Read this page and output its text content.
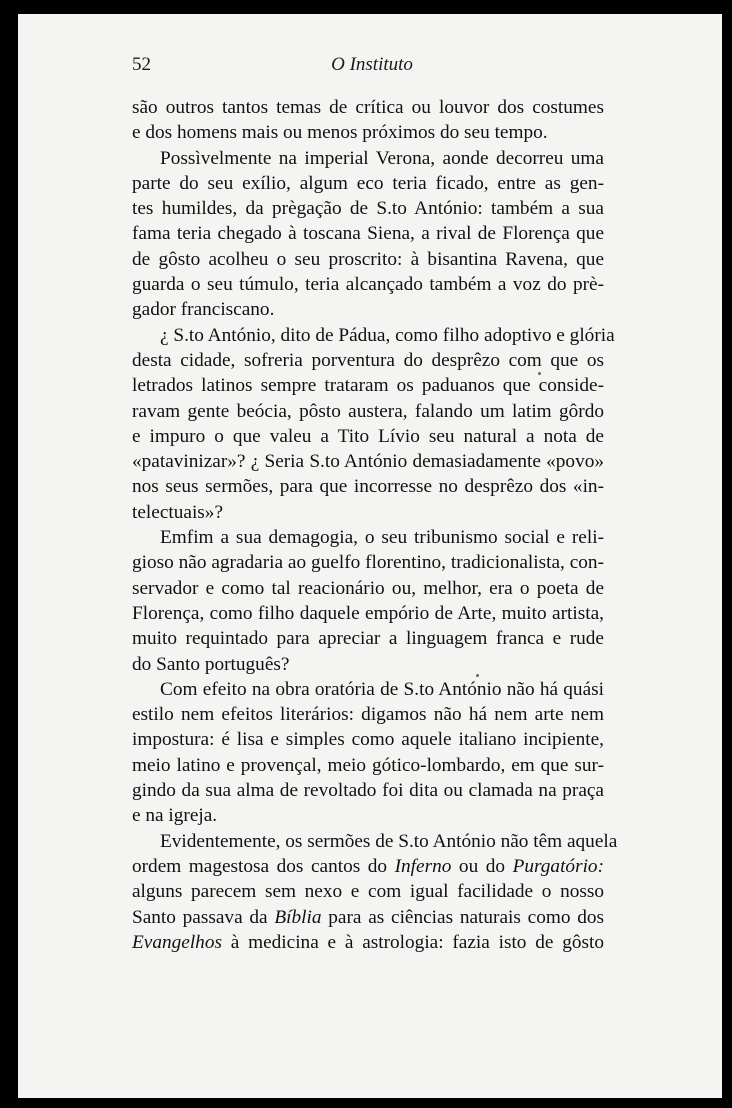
52	O Instituto
são outros tantos temas de crítica ou louvor dos costumes
e dos homens mais ou menos próximos do seu tempo.
Possìvelmente na imperial Verona, aonde decorreu uma
parte do seu exílio, algum eco teria ficado, entre as gen-
tes humildes, da prègação de S.to António: também a sua
fama teria chegado à toscana Siena, a rival de Florença que
de gôsto acolheu o seu proscrito: à bisantina Ravena, que
guarda o seu túmulo, teria alcançado também a voz do prè-
gador franciscano.
¿ S.to António, dito de Pádua, como filho adoptivo e glória
desta cidade, sofreria porventura do desprêzo com que os
letrados latinos sempre trataram os paduanos que conside-
ravam gente beócia, pôsto austera, falando um latim gôrdo
e impuro o que valeu a Tito Lívio seu natural a nota de
«patavinizar»? ¿ Seria S.to António demasiadamente «povo»
nos seus sermões, para que incorresse no desprêzo dos «in-
telectuais»?
Emfim a sua demagogia, o seu tribunismo social e reli-
gioso não agradaria ao guelfo florentino, tradicionalista, con-
servador e como tal reacionário ou, melhor, era o poeta de
Florença, como filho daquele empório de Arte, muito artista,
muito requintado para apreciar a linguagem franca e rude
do Santo português?
Com efeito na obra oratória de S.to António não há quási
estilo nem efeitos literários: digamos não há nem arte nem
impostura: é lisa e simples como aquele italiano incipiente,
meio latino e provençal, meio gótico-lombardo, em que sur-
gindo da sua alma de revoltado foi dita ou clamada na praça
e na igreja.
Evidentemente, os sermões de S.to António não têm aquela
ordem magestosa dos cantos do Inferno ou do Purgatório:
alguns parecem sem nexo e com igual facilidade o nosso
Santo passava da Bíblia para as ciências naturais como dos
Evangelhos à medicina e à astrologia: fazia isto de gôsto
